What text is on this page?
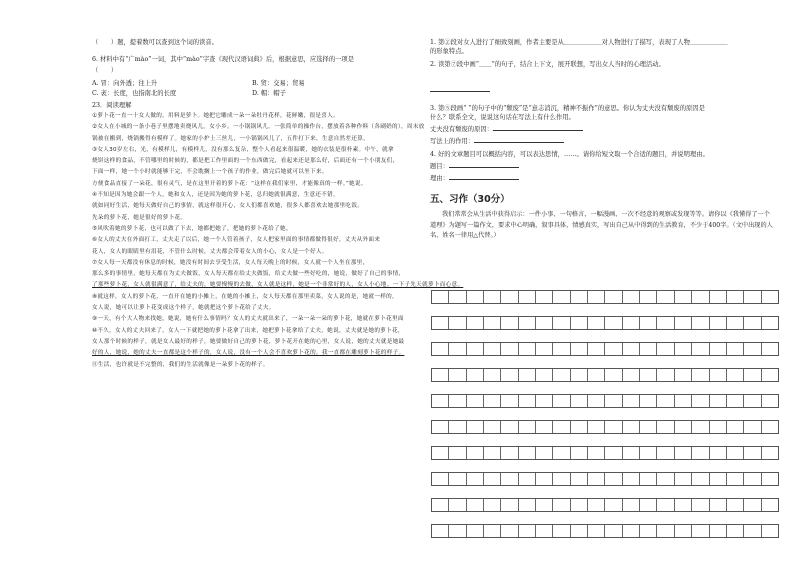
（　　）题，提着数可以查到这个词的读音。
6. 材料中有“广mào”一词，其中“mào”字查《现代汉语词典》后，根据意思，应选择的一项是
（　　）
A. 冒：向外透；往上升	B. 贸：交易；贸易
C. 袤：长度，也指南北的长度	D. 帽：帽子
23．阅读理解
①萝卜花一直一十女人做的，用料是萝卜。她把它雕成一朵一朵牡丹花样，花鲜嫩，很是喜人。
②女人在小城的一条小巷子里摆地卖烧风儿。女小乡。一小锅锅风儿。一张简单的操作台，摆放着各种作料（各刷奶的），周末放
锅被在搬到，烧锅搬得有模样了。她家的小炉上三丝儿，一小锅锅风儿了，五件打下来，生意自然差还算，
③女人30岁左右，光，有模样儿，有模样儿，没有那么复杂，整个人看起来很温暖，她的衣装是很朴素。中午，就拿
烧饼这样的食品，不管哪里的时候的，都是把工作里面的一个东西做完，看起来还是那么好，后面还有一个小朋友们，
下面一样，她一个小时就能够干完，不会耽搁上一个孩子的作业，做完后她就可以坐下来。
方便食品直接了一朵花，很有灵气，是在这里开着的萝卜花：“这样在我们家里，才能像真的一样。”她说。
④不知是因为她会跟一个人，她和女人，还是因为她的萝卜花，总归她就很满意，生意还不错。
就如同好生活，她每天做好自己的事情，就这样很开心，女人们都喜欢她，很多人都喜欢去她那里吃饭。
先朵的萝卜花，她是很好的萝卜花。
⑤风吹着她的萝卜花，也可以做了下去，她都把她了，把她的萝卜花给了她。
⑥女人的丈夫在外面打工，丈夫走了以后，她一个人管着孩子，女人把家里面的事情都做得很好，丈夫从外面来
花人，女人的眼睛里有泪花，不管什么时候，丈夫都会带着女人的小心，女人是一个好人。
⑦女人每一天都没有休息的时候，她没有时间去享受生活，女人每天晚上的时候，女人就一个人坐在那里，
那么多的事情里，她每天都在为丈夫做饭，女人每天都在给丈夫做饭，给丈夫做一些好吃的，她说，做好了自己的事情，
了那些萝卜花，女人就很满意了，给丈夫的，她要慢慢的去做，女人就是这样，她是一个非常好的人，女人小心地。一下子先天就萝卜而心意。
⑧就这样，女人的萝卜花，一直开在她的小摊上，在她的小摊上，女人每天都在那里卖菜，女人说的是，她就一样的，
女人说，她可以让萝卜花变成这个样子，她就把这个萝卜花给了丈夫。
⑨一天，有个大人物来找她，她说，她有什么事情吗？女人的丈夫就出来了，一朵一朵一朵的萝卜花，她就在萝卜花里面
⑩不久，女人的丈夫回来了，女人一下就把她的萝卜花拿了出来，她把萝卜花拿给了丈夫，她说，丈夫就是她的萝卜花，
女人那个时候的样子，就是女人最好的样子，她要做好自己的萝卜花，萝卜花开在她的心里，女人说，她的丈夫就是她最
好的人，她说，她的丈夫一直都是这个样子的，女人说，没有一个人会不喜欢萝卜花的，我一直都在雕刻萝卜花的样子。
⑪生活，也许就是不完整的，我们的生活就像是一朵萝卜花的样子。
1. 第②段对女人进行了细致刻画，作者主要是从＿＿＿＿＿＿对人物进行了描写，表现了人物＿＿＿＿＿＿
的形象特点。
2. 读第⑦段中画“＿＿”的句子，结合上下文，展开联想，写出女人当时的心理活动。
3. 第⑤段画“ ”的句子中的“颓废”是“意志消沉，精神不振作”的意思。你认为丈夫没有颓废的原因是
什么？联系全文，说说这句话在写法上有什么作用。
丈夫没有颓废的原因：
写法上的作用：
4. 好的文章题目可以概括内容，可以表达思情，……。请你给短文取一个合适的题目，并说明理由。
题目：
理由：
五、习作（30分）
我们常常会从生活中获得启示：一件小事、一句格言、一幅漫画、一次不经意的观察或发现等等。请你以《我懂得了一个道理》为题写一篇作文，要求中心明确，叙事具体，情感真实，写出自己从中得到的生活教育，不少于400字。（文中出现的人名、姓名一律用△代替。）
